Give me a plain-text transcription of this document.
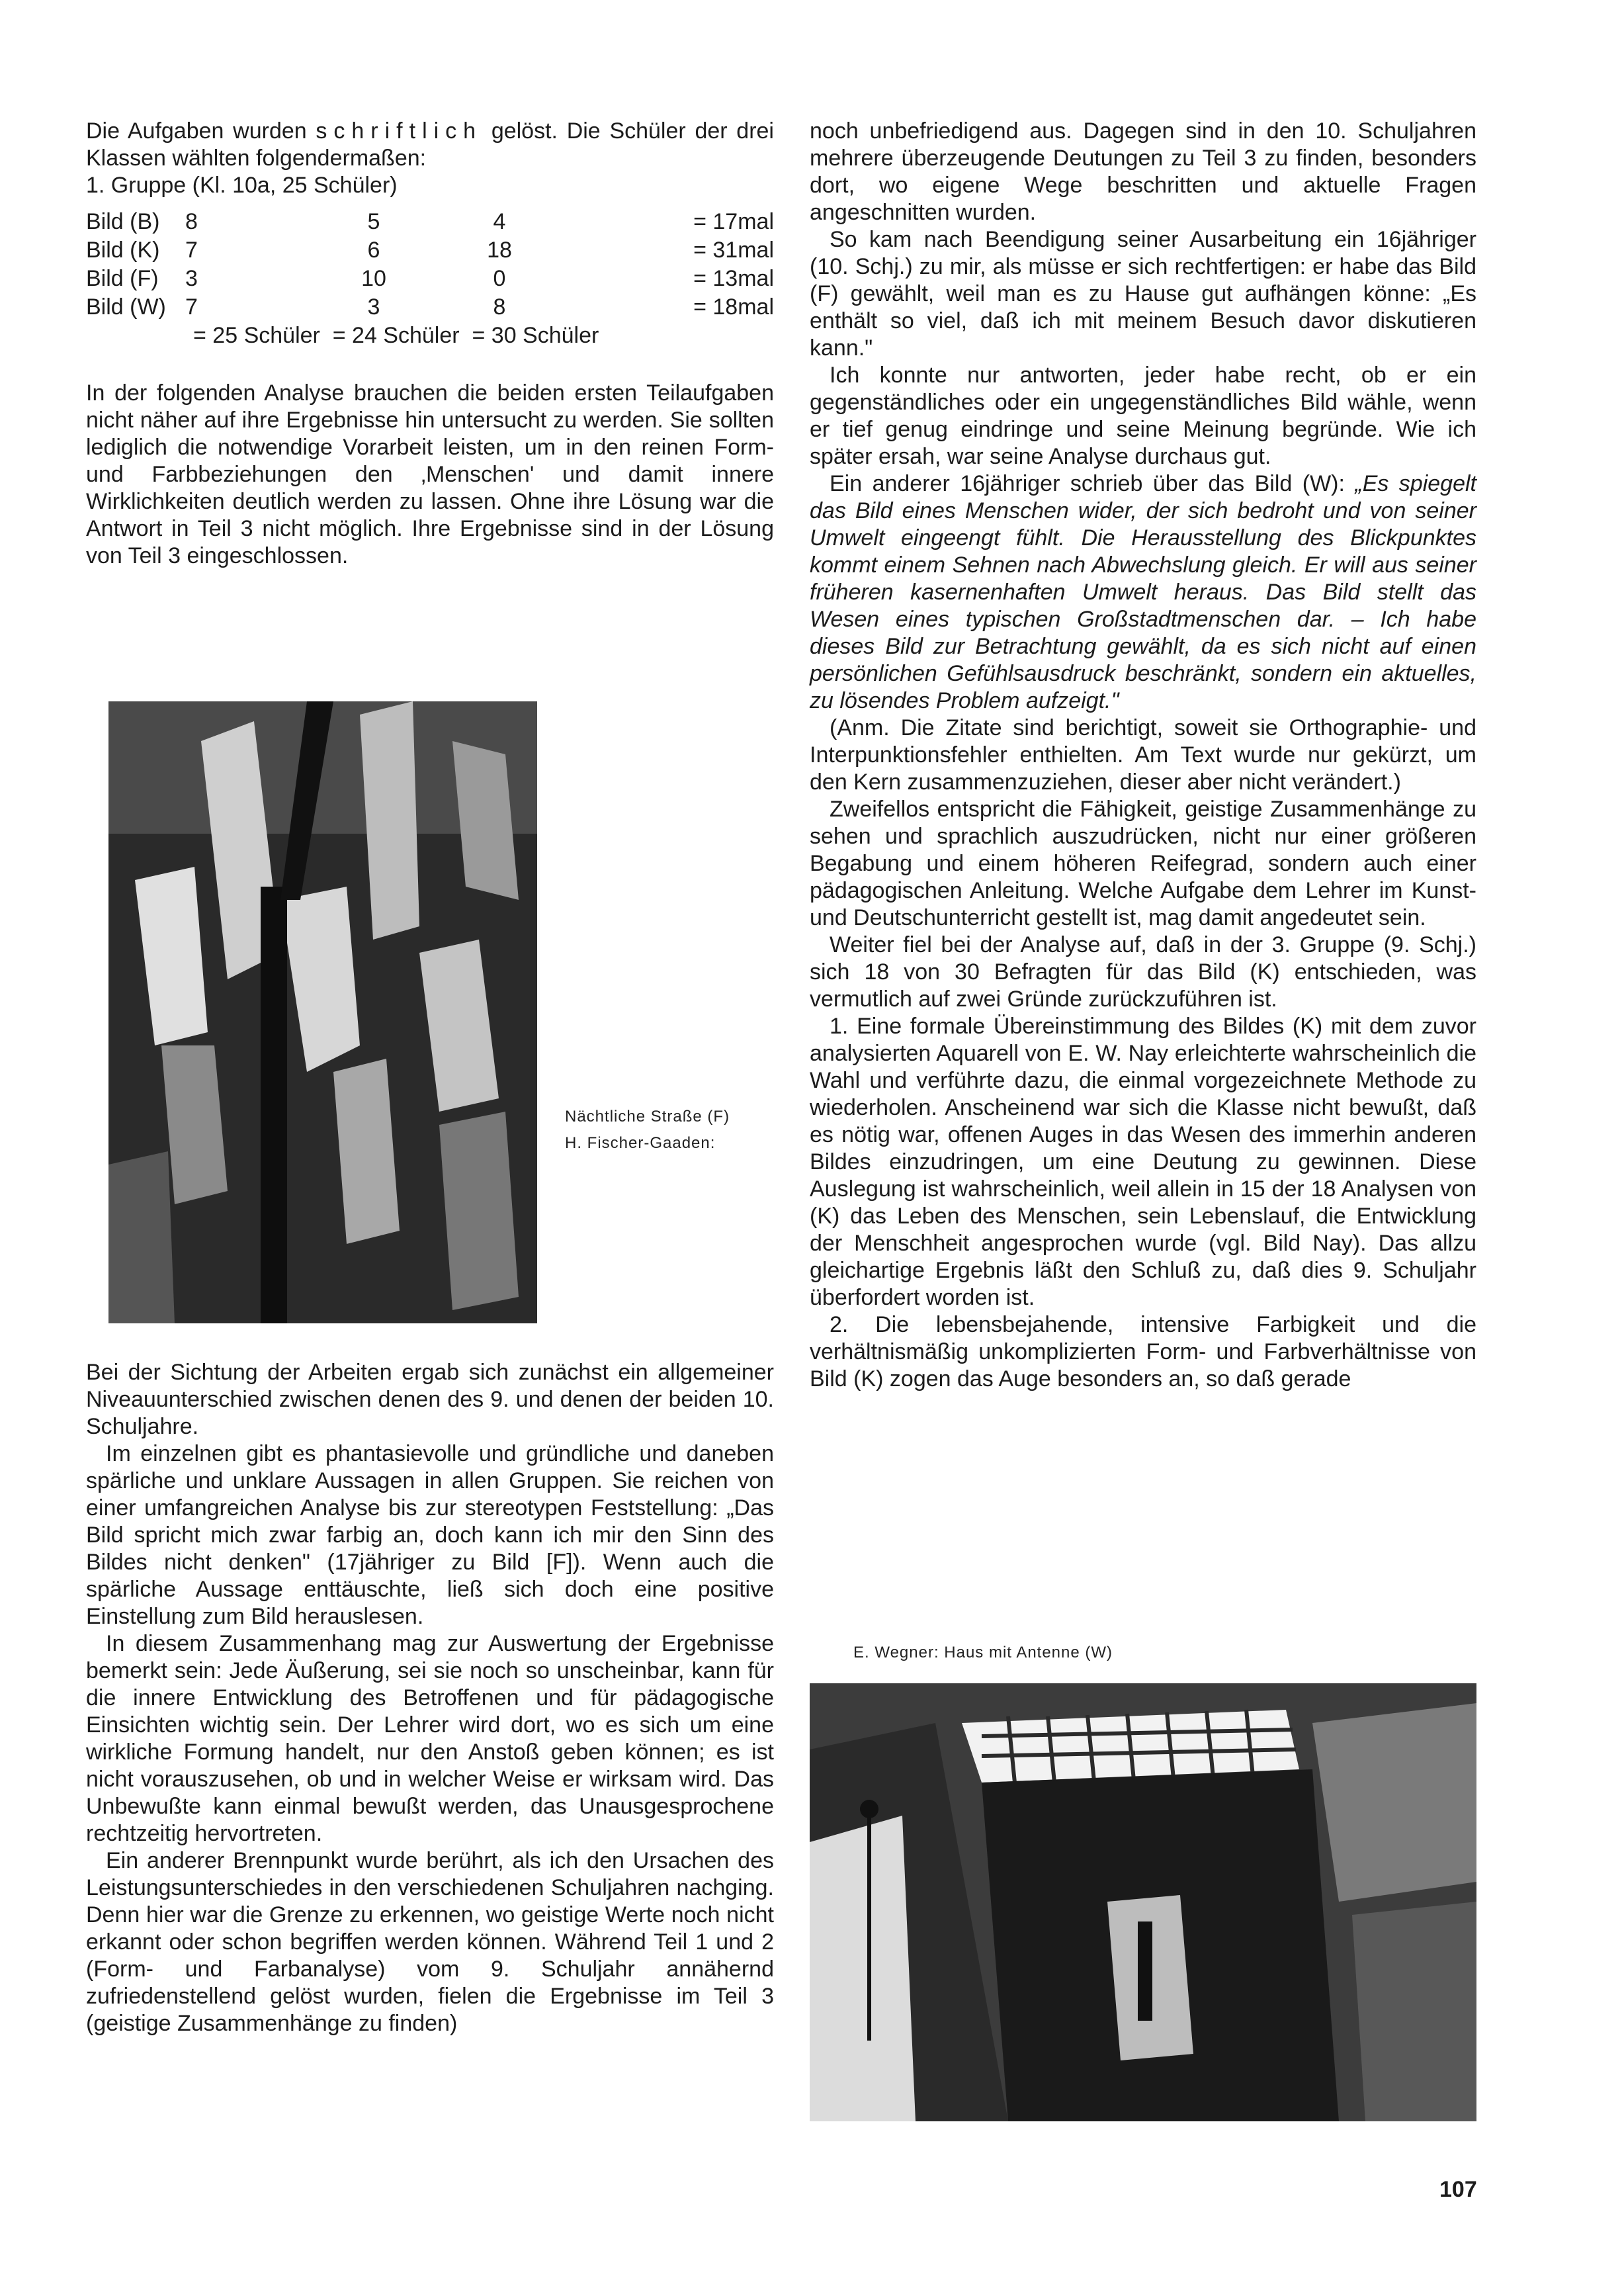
Die Aufgaben wurden schriftlich gelöst. Die Schüler der drei Klassen wählten folgendermaßen:

1. Gruppe (Kl. 10a, 25 Schüler)

Bild (B)	8	5	4	= 17mal
Bild (K)	7	6	18	= 31mal
Bild (F)	3	10	0	= 13mal
Bild (W)	7	3	8	= 18mal

= 25 Schüler  = 24 Schüler  = 30 Schüler

In der folgenden Analyse brauchen die beiden ersten Teilaufgaben nicht näher auf ihre Ergebnisse hin untersucht zu werden. Sie sollten lediglich die notwendige Vorarbeit leisten, um in den reinen Form- und Farbbeziehungen den ‚Menschen' und damit innere Wirklichkeiten deutlich werden zu lassen. Ohne ihre Lösung war die Antwort in Teil 3 nicht möglich. Ihre Ergebnisse sind in der Lösung von Teil 3 eingeschlossen.

Nächtliche Straße (F)
H. Fischer-Gaaden:

Bei der Sichtung der Arbeiten ergab sich zunächst ein allgemeiner Niveauunterschied zwischen denen des 9. und denen der beiden 10. Schuljahre.

Im einzelnen gibt es phantasievolle und gründliche und daneben spärliche und unklare Aussagen in allen Gruppen. Sie reichen von einer umfangreichen Analyse bis zur stereotypen Feststellung: „Das Bild spricht mich zwar farbig an, doch kann ich mir den Sinn des Bildes nicht denken" (17jähriger zu Bild [F]). Wenn auch die spärliche Aussage enttäuschte, ließ sich doch eine positive Einstellung zum Bild herauslesen.

In diesem Zusammenhang mag zur Auswertung der Ergebnisse bemerkt sein: Jede Äußerung, sei sie noch so unscheinbar, kann für die innere Entwicklung des Betroffenen und für pädagogische Einsichten wichtig sein. Der Lehrer wird dort, wo es sich um eine wirkliche Formung handelt, nur den Anstoß geben können; es ist nicht vorauszusehen, ob und in welcher Weise er wirksam wird. Das Unbewußte kann einmal bewußt werden, das Unausgesprochene rechtzeitig hervortreten.

Ein anderer Brennpunkt wurde berührt, als ich den Ursachen des Leistungsunterschiedes in den verschiedenen Schuljahren nachging. Denn hier war die Grenze zu erkennen, wo geistige Werte noch nicht erkannt oder schon begriffen werden können. Während Teil 1 und 2 (Form- und Farbanalyse) vom 9. Schuljahr annähernd zufriedenstellend gelöst wurden, fielen die Ergebnisse im Teil 3 (geistige Zusammenhänge zu finden)

noch unbefriedigend aus. Dagegen sind in den 10. Schuljahren mehrere überzeugende Deutungen zu Teil 3 zu finden, besonders dort, wo eigene Wege beschritten und aktuelle Fragen angeschnitten wurden.

So kam nach Beendigung seiner Ausarbeitung ein 16jähriger (10. Schj.) zu mir, als müsse er sich rechtfertigen: er habe das Bild (F) gewählt, weil man es zu Hause gut aufhängen könne: „Es enthält so viel, daß ich mit meinem Besuch davor diskutieren kann."

Ich konnte nur antworten, jeder habe recht, ob er ein gegenständliches oder ein ungegenständliches Bild wähle, wenn er tief genug eindringe und seine Meinung begründe. Wie ich später ersah, war seine Analyse durchaus gut.

Ein anderer 16jähriger schrieb über das Bild (W): „Es spiegelt das Bild eines Menschen wider, der sich bedroht und von seiner Umwelt eingeengt fühlt. Die Herausstellung des Blickpunktes kommt einem Sehnen nach Abwechslung gleich. Er will aus seiner früheren kasernenhaften Umwelt heraus. Das Bild stellt das Wesen eines typischen Großstadtmenschen dar. – Ich habe dieses Bild zur Betrachtung gewählt, da es sich nicht auf einen persönlichen Gefühlsausdruck beschränkt, sondern ein aktuelles, zu lösendes Problem aufzeigt."

(Anm. Die Zitate sind berichtigt, soweit sie Orthographie- und Interpunktionsfehler enthielten. Am Text wurde nur gekürzt, um den Kern zusammenzuziehen, dieser aber nicht verändert.)

Zweifellos entspricht die Fähigkeit, geistige Zusammenhänge zu sehen und sprachlich auszudrücken, nicht nur einer größeren Begabung und einem höheren Reifegrad, sondern auch einer pädagogischen Anleitung. Welche Aufgabe dem Lehrer im Kunst- und Deutschunterricht gestellt ist, mag damit angedeutet sein.

Weiter fiel bei der Analyse auf, daß in der 3. Gruppe (9. Schj.) sich 18 von 30 Befragten für das Bild (K) entschieden, was vermutlich auf zwei Gründe zurückzuführen ist.

1. Eine formale Übereinstimmung des Bildes (K) mit dem zuvor analysierten Aquarell von E. W. Nay erleichterte wahrscheinlich die Wahl und verführte dazu, die einmal vorgezeichnete Methode zu wiederholen. Anscheinend war sich die Klasse nicht bewußt, daß es nötig war, offenen Auges in das Wesen des immerhin anderen Bildes einzudringen, um eine Deutung zu gewinnen. Diese Auslegung ist wahrscheinlich, weil allein in 15 der 18 Analysen von (K) das Leben des Menschen, sein Lebenslauf, die Entwicklung der Menschheit angesprochen wurde (vgl. Bild Nay). Das allzu gleichartige Ergebnis läßt den Schluß zu, daß dies 9. Schuljahr überfordert worden ist.

2. Die lebensbejahende, intensive Farbigkeit und die verhältnismäßig unkomplizierten Form- und Farbverhältnisse von Bild (K) zogen das Auge besonders an, so daß gerade

E. Wegner: Haus mit Antenne (W)
107
